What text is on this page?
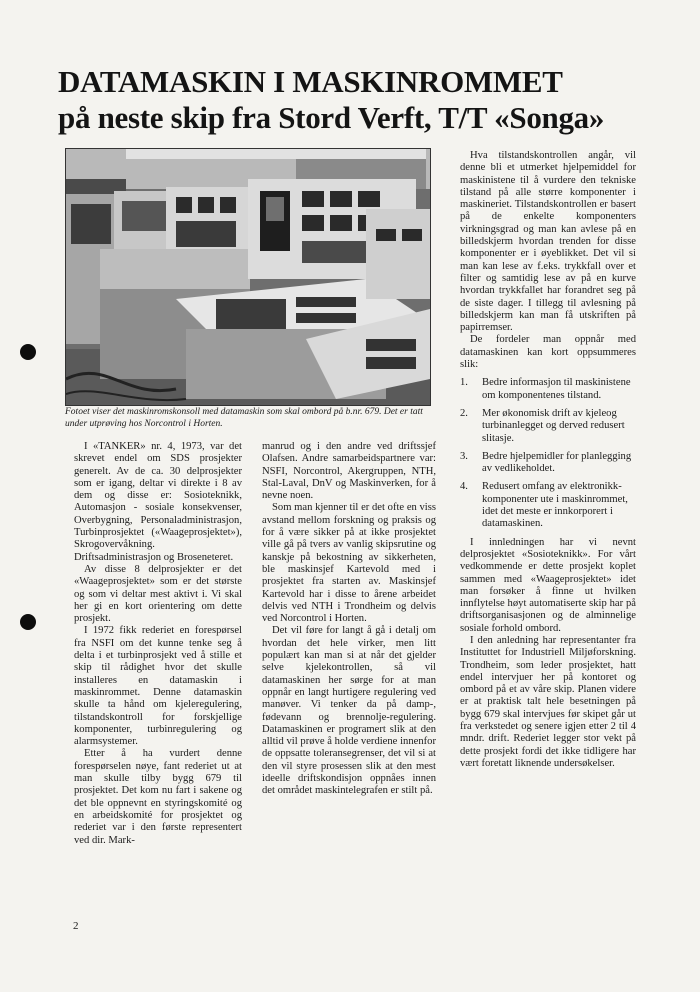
DATAMASKIN I MASKINROMMET
på neste skip fra Stord Verft, T/T «Songa»

Fotoet viser det maskinromskonsoll med datamaskin som skal ombord på b.nr. 679. Det er tatt under utprøving hos Norcontrol i Horten.

I «TANKER» nr. 4, 1973, var det skrevet endel om SDS prosjekter generelt. Av de ca. 30 delprosjekter som er igang, deltar vi direkte i 8 av dem og disse er: Sosioteknikk, Automasjon - sosiale konsekvenser, Overbygning, Personaladministrasjon, Turbinprosjektet («Waageprosjektet»), Skrogovervåkning. Driftsadministrasjon og Broseneteret.

Av disse 8 delprosjekter er det «Waageprosjektet» som er det største og som vi deltar mest aktivt i. Vi skal her gi en kort orientering om dette prosjekt.

I 1972 fikk rederiet en forespørsel fra NSFI om det kunne tenke seg å delta i et turbinprosjekt ved å stille et skip til rådighet hvor det skulle installeres en datamaskin i maskinrommet. Denne datamaskin skulle ta hånd om kjeleregulering, tilstandskontroll for forskjellige komponenter, turbinregulering og alarmsystemer.

Etter å ha vurdert denne forespørselen nøye, fant rederiet ut at man skulle tilby bygg 679 til prosjektet. Det kom nu fart i sakene og det ble oppnevnt en styringskomité og en arbeidskomité for prosjektet og rederiet var i den første representert ved dir. Mark-

manrud og i den andre ved driftssjef Olafsen. Andre samarbeidspartnere var: NSFI, Norcontrol, Akergruppen, NTH, Stal-Laval, DnV og Maskinverken, for å nevne noen.

Som man kjenner til er det ofte en viss avstand mellom forskning og praksis og for å være sikker på at ikke prosjektet ville gå på tvers av vanlig skipsrutine og kanskje på bekostning av sikkerheten, ble maskinsjef Kartevold med i prosjektet fra starten av. Maskinsjef Kartevold har i disse to årene arbeidet delvis ved NTH i Trondheim og delvis ved Norcontrol i Horten.

Det vil føre for langt å gå i detalj om hvordan det hele virker, men litt populært kan man si at når det gjelder selve kjelekontrollen, så vil datamaskinen her sørge for at man oppnår en langt hurtigere regulering ved manøver. Vi tenker da på damp-, fødevann og brennolje-regulering. Datamaskinen er programert slik at den alltid vil prøve å holde verdiene innenfor de oppsatte toleransegrenser, det vil si at den vil styre prosessen slik at den mest ideelle driftskondisjon oppnåes innen det området maskintelegrafen er stilt på.

Hva tilstandskontrollen angår, vil denne bli et utmerket hjelpemiddel for maskinistene til å vurdere den tekniske tilstand på alle større komponenter i maskineriet. Tilstandskontrollen er basert på de enkelte komponenters virkningsgrad og man kan avlese på en billedskjerm hvordan trenden for disse komponenter er i øyeblikket. Det vil si man kan lese av f.eks. trykkfall over et filter og samtidig lese av på en kurve hvordan trykkfallet har forandret seg på de siste dager. I tillegg til avlesning på billedskjerm kan man få utskriften på papirremser.

De fordeler man oppnår med datamaskinen kan kort oppsummeres slik:

1.	Bedre informasjon til maskinistene om komponentenes tilstand.
2.	Mer økonomisk drift av kjeleog turbinanlegget og derved redusert slitasje.
3.	Bedre hjelpemidler for planlegging av vedlikeholdet.
4.	Redusert omfang av elektronikk-komponenter ute i maskinrommet, idet det meste er innkorporert i datamaskinen.

I innledningen har vi nevnt delprosjektet «Sosioteknikk». For vårt vedkommende er dette prosjekt koplet sammen med «Waageprosjektet» idet man forsøker å finne ut hvilken innflytelse høyt automatiserte skip har på driftsorganisasjonen og de alminnelige sosiale forhold ombord.

I den anledning har representanter fra Instituttet for Industriell Miljøforskning. Trondheim, som leder prosjektet, hatt endel intervjuer her på kontoret og ombord på et av våre skip. Planen videre er at praktisk talt hele besetningen på bygg 679 skal intervjues før skipet går ut fra verkstedet og senere igjen etter 2 til 4 mndr. drift. Rederiet legger stor vekt på dette prosjekt fordi det ikke tidligere har vært foretatt liknende undersøkelser.

2
